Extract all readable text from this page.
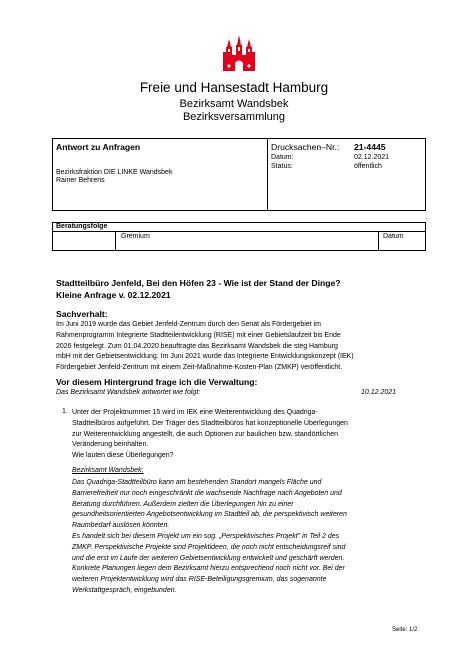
Freie und Hansestadt Hamburg
Bezirksamt Wandsbek
Bezirksversammlung
Antwort zu Anfragen
Bezirksfraktion DIE LINKE Wandsbek
Rainer Behrens
Drucksachen–Nr.: 21-4445
Datum:	02.12.2021
Status:	öffentlich
Beratungsfolge
Gremium	Datum
Stadtteilbüro Jenfeld, Bei den Höfen 23 - Wie ist der Stand der Dinge?
Kleine Anfrage v. 02.12.2021
Sachverhalt:
Im Juni 2019 wurde das Gebiet Jenfeld-Zentrum durch den Senat als Fördergebiet im
Rahmenprogramm Integrierte Stadtteilentwicklung (RISE) mit einer Gebietslaufzeit bis Ende
2026 festgelegt. Zum 01.04.2020 beauftragte das Bezirksamt Wandsbek die steg Hamburg
mbH mit der Gebietsentwicklung. Im Juni 2021 wurde das Integrierte Entwicklungskonzept (IEK)
Fördergebiet Jenfeld-Zentrum mit einem Zeit-Maßnahme-Kosten-Plan (ZMKP) veröffentlicht.
Vor diesem Hintergrund frage ich die Verwaltung:
Das Bezirksamt Wandsbek antwortet wie folgt:	10.12.2021
1. Unter der Projektnummer 15 wird im IEK eine Weiterentwicklung des Quadriga-
Stadtteilbüros aufgeführt. Der Träger des Stadtteilbüros hat konzeptionelle Überlegungen
zur Weiterentwicklung angestellt, die auch Optionen zur baulichen bzw. standörtlichen
Veränderung beinhalten.
Wie lauten diese Überlegungen?
Bezirksamt Wandsbek:
Das Quadriga-Stadtteilbüro kann am bestehenden Standort mangels Fläche und
Barrierefreiheit nur noch eingeschränkt die wachsende Nachfrage nach Angeboten und
Beratung durchführen. Außerdem zielten die Überlegungen hin zu einer
gesundheitsorientierten Angebotsentwicklung im Stadtteil ab, die perspektivisch weiteren
Raumbedarf auslösen könnten.
Es handelt sich bei diesem Projekt um ein sog. „Perspektivisches Projekt" in Teil 2 des
ZMKP. Perspektivische Projekte sind Projektideen, die noch nicht entscheidungsreif sind
und die erst im Laufe der weiteren Gebietsentwicklung entwickelt und geschärft werden.
Konkrete Planungen liegen dem Bezirksamt hierzu entsprechend noch nicht vor. Bei der
weiteren Projektentwicklung wird das RISE-Beteiligungsgremium, das sogenannte
Werkstattgespräch, eingebunden.
Seite: 1/2
